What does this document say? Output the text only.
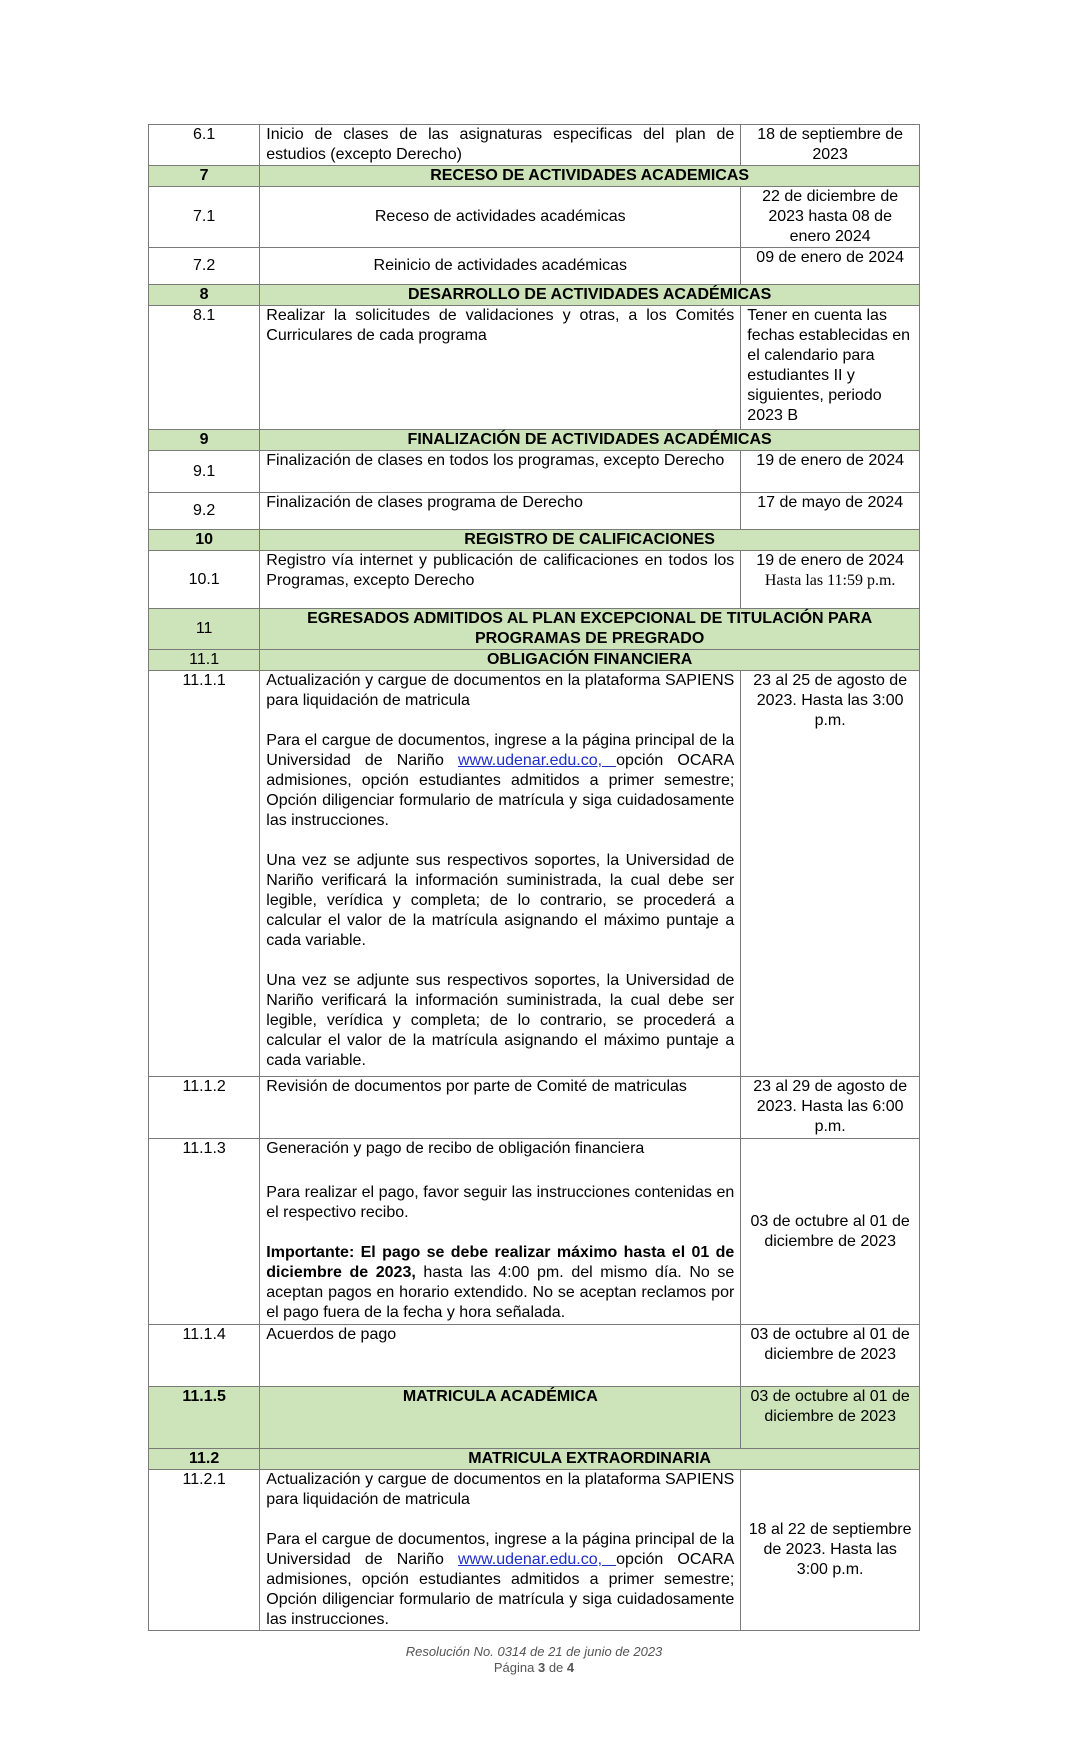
6.1	Inicio de clases de las asignaturas especificas del plan de estudios (excepto Derecho)	18 de septiembre de 2023
7	RECESO DE ACTIVIDADES ACADEMICAS	
7.1	Receso de actividades académicas	22 de diciembre de 2023 hasta 08 de enero 2024
7.2	Reinicio de actividades académicas	09 de enero de 2024
8	DESARROLLO DE ACTIVIDADES ACADÉMICAS	
8.1	Realizar la solicitudes de validaciones y otras, a los Comités Curriculares de cada programa	Tener en cuenta las fechas establecidas en el calendario para estudiantes II y siguientes, periodo 2023 B
9	FINALIZACIÓN DE ACTIVIDADES ACADÉMICAS	
9.1	Finalización de clases en todos los programas, excepto Derecho	19 de enero de 2024
9.2	Finalización de clases programa de Derecho	17 de mayo de 2024
10	REGISTRO DE CALIFICACIONES	
10.1	Registro vía internet y publicación de calificaciones en todos los Programas, excepto Derecho	19 de enero de 2024
Hasta las 11:59 p.m.

11	EGRESADOS ADMITIDOS AL PLAN EXCEPCIONAL DE TITULACIÓN PARA PROGRAMAS DE PREGRADO	
11.1	OBLIGACIÓN FINANCIERA	
11.1.1	Actualización y cargue de documentos en la plataforma SAPIENS para liquidación de matricula
Para el cargue de documentos, ingrese a la página principal de la Universidad de Nariño www.udenar.edu.co, opción OCARA admisiones, opción estudiantes admitidos a primer semestre; Opción diligenciar formulario de matrícula y siga cuidadosamente las instrucciones.
Una vez se adjunte sus respectivos soportes, la Universidad de Nariño verificará la información suministrada, la cual debe ser legible, verídica y completa; de lo contrario, se procederá a calcular el valor de la matrícula asignando el máximo puntaje a cada variable.
Una vez se adjunte sus respectivos soportes, la Universidad de Nariño verificará la información suministrada, la cual debe ser legible, verídica y completa; de lo contrario, se procederá a calcular el valor de la matrícula asignando el máximo puntaje a cada variable.	23 al 25 de agosto de 2023. Hasta las 3:00 p.m.
11.1.2	Revisión de documentos por parte de Comité de matriculas	23 al 29 de agosto de 2023. Hasta las 6:00 p.m.
11.1.3	Generación y pago de recibo de obligación financiera
Para realizar el pago, favor seguir las instrucciones contenidas en el respectivo recibo.
Importante: El pago se debe realizar máximo hasta el 01 de diciembre de 2023, hasta las 4:00 pm. del mismo día. No se aceptan pagos en horario extendido. No se aceptan reclamos por el pago fuera de la fecha y hora señalada.	03 de octubre al 01 de diciembre de 2023
11.1.4	Acuerdos de pago	03 de octubre al 01 de diciembre de 2023
11.1.5	MATRICULA ACADÉMICA	03 de octubre al 01 de diciembre de 2023
11.2	MATRICULA EXTRAORDINARIA	
11.2.1	Actualización y cargue de documentos en la plataforma SAPIENS para liquidación de matricula
Para el cargue de documentos, ingrese a la página principal de la Universidad de Nariño www.udenar.edu.co, opción OCARA admisiones, opción estudiantes admitidos a primer semestre; Opción diligenciar formulario de matrícula y siga cuidadosamente las instrucciones.	18 al 22 de septiembre de 2023. Hasta las 3:00 p.m.
Resolución No. 0314 de 21 de junio de 2023
Página 3 de 4
